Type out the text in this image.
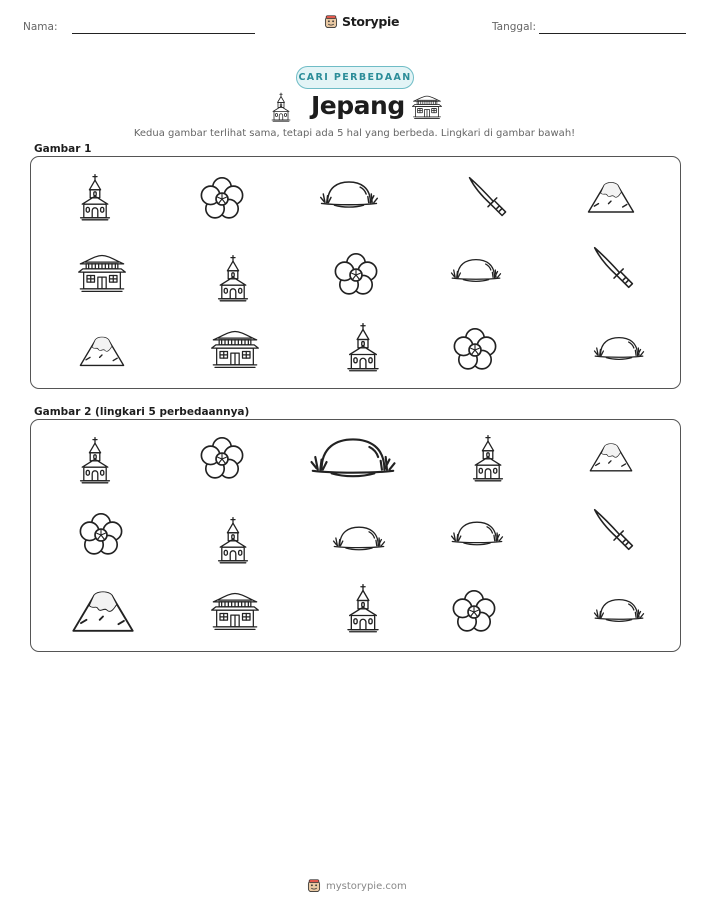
Nama:	Storypie	Tanggal:
CARI PERBEDAAN
Jepang
Kedua gambar terlihat sama, tetapi ada 5 hal yang berbeda. Lingkari di gambar bawah!
Gambar 1
Gambar 2 (lingkari 5 perbedaannya)
mystorypie.com
